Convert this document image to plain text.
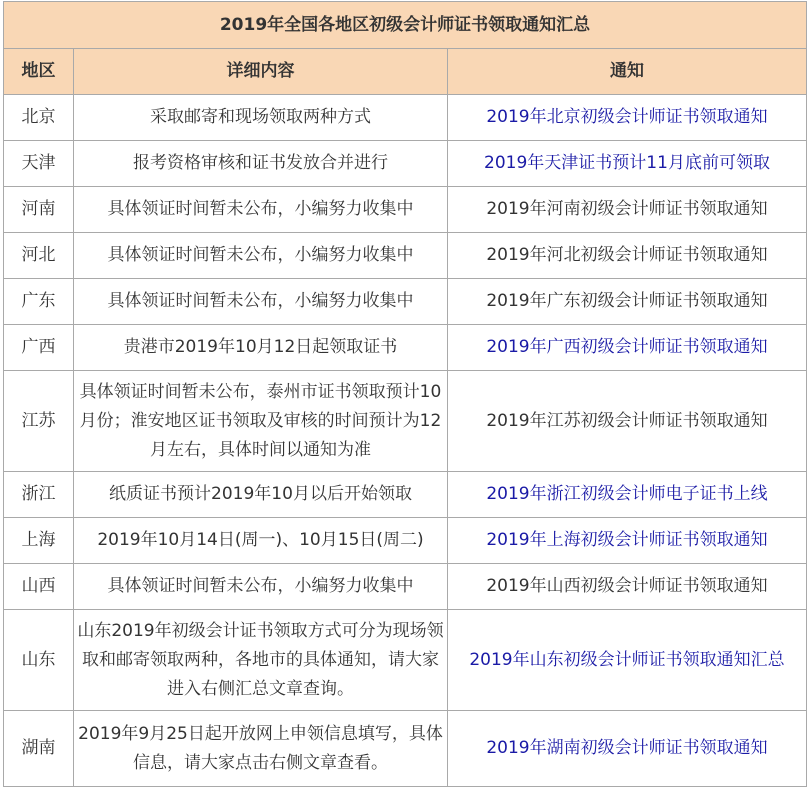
2019年全国各地区初级会计师证书领取通知汇总		
地区	详细内容	通知
北京	采取邮寄和现场领取两种方式	2019年北京初级会计师证书领取通知
天津	报考资格审核和证书发放合并进行	2019年天津证书预计11月底前可领取
河南	具体领证时间暂未公布，小编努力收集中	2019年河南初级会计师证书领取通知
河北	具体领证时间暂未公布，小编努力收集中	2019年河北初级会计师证书领取通知
广东	具体领证时间暂未公布，小编努力收集中	2019年广东初级会计师证书领取通知
广西	贵港市2019年10月12日起领取证书	2019年广西初级会计师证书领取通知
江苏	具体领证时间暂未公布，泰州市证书领取预计10月份；淮安地区证书领取及审核的时间预计为12月左右，具体时间以通知为准	2019年江苏初级会计师证书领取通知
浙江	纸质证书预计2019年10月以后开始领取	2019年浙江初级会计师电子证书上线
上海	2019年10月14日(周一)、10月15日(周二)	2019年上海初级会计师证书领取通知
山西	具体领证时间暂未公布，小编努力收集中	2019年山西初级会计师证书领取通知
山东	山东2019年初级会计证书领取方式可分为现场领取和邮寄领取两种，各地市的具体通知，请大家进入右侧汇总文章查询。	2019年山东初级会计师证书领取通知汇总
湖南	2019年9月25日起开放网上申领信息填写，具体信息，请大家点击右侧文章查看。	2019年湖南初级会计师证书领取通知
